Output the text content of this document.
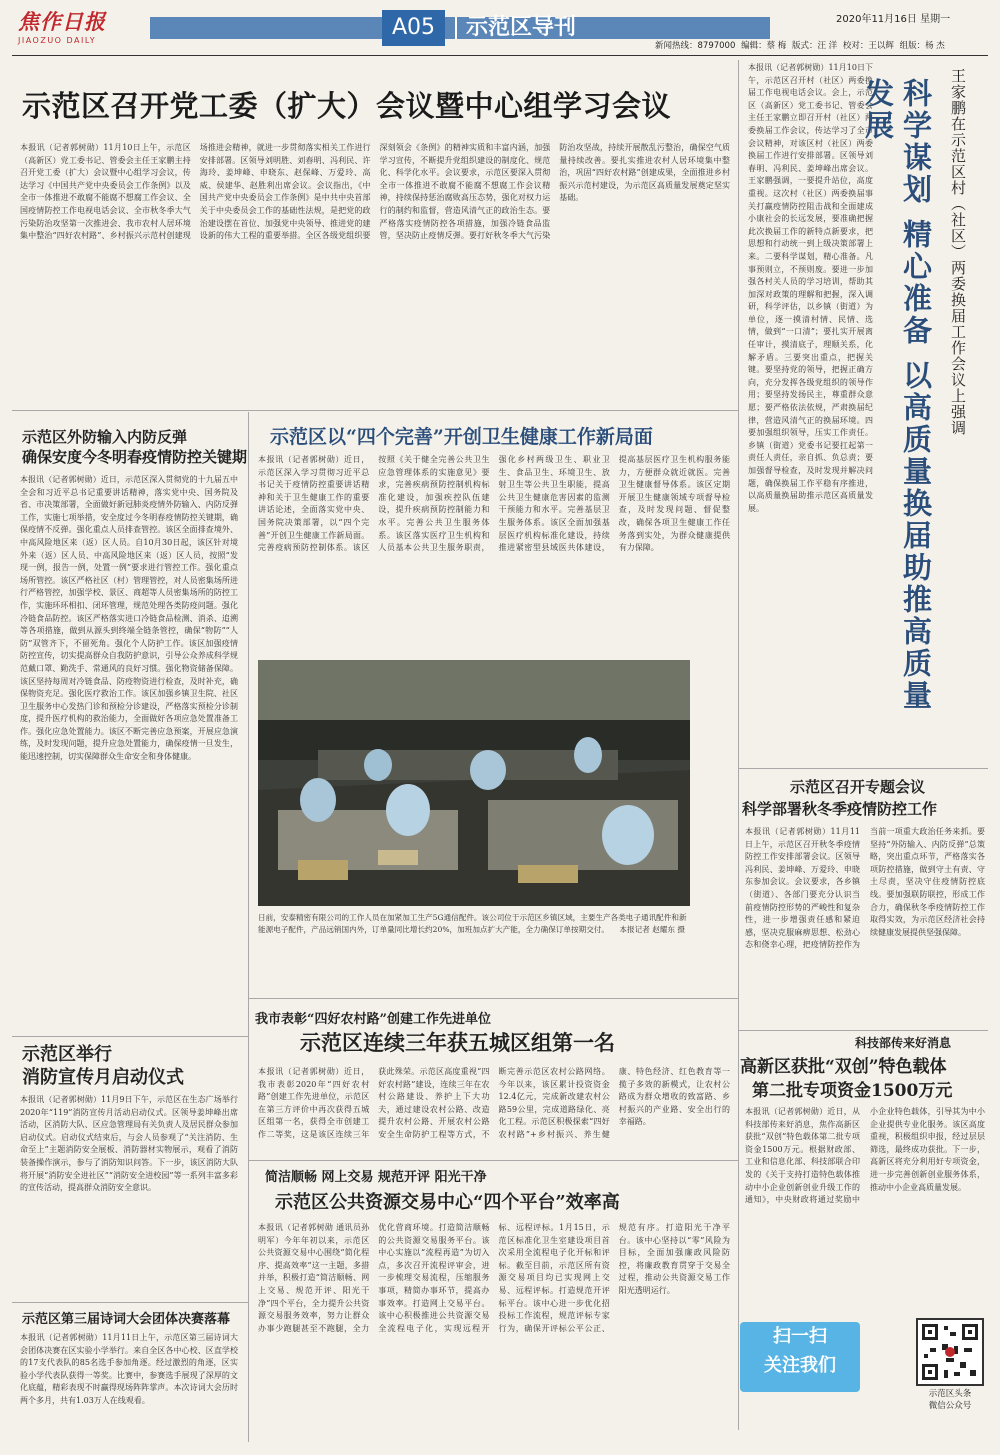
焦作日报
JIAOZUO DAILY
A05	示范区导刊	2020年11月16日 星期一
新闻热线：8797000 编辑：蔡 梅 版式：汪 洋 校对：王以辉 组版：杨 杰
示范区召开党工委（扩大）会议暨中心组学习会议
本报讯（记者郭树勋）11月10日上午，示范区（高新区）党工委书记、管委会主任王家鹏主持召开党工委（扩大）会议暨中心组学习会议，传达学习《中国共产党中央委员会工作条例》以及全市一体推进不敢腐不能腐不想腐工作会议、全国疫情防控工作电视电话会议、全市秋冬季大气污染防治攻坚第一次推进会、我市农村人居环境集中整治“四好农村路”、乡村振兴示范村创建现场推进会精神，就进一步贯彻落实相关工作进行安排部署。区领导刘明胜、刘春明、冯利民、许海玲、姜坤峰、申晓东、赵保峰、万爱玲、高威、侯建华、赵胜利出席会议。会议指出，《中国共产党中央委员会工作条例》是中共中央首部关于中央委员会工作的基础性法规，是把党的政治建设摆在首位、加强党中央领导、推进党的建设新的伟大工程的重要举措。全区各级党组织要深刻领会《条例》的精神实质和丰富内涵，加强学习宣传，不断提升党组织建设的制度化、规范化、科学化水平。会议要求，示范区要深入贯彻全市一体推进不敢腐不能腐不想腐工作会议精神，持续保持惩治腐败高压态势，强化对权力运行的制约和监督，营造风清气正的政治生态。要严格落实疫情防控各项措施，加强冷链食品监管，坚决防止疫情反弹。要打好秋冬季大气污染防治攻坚战，持续开展散乱污整治，确保空气质量持续改善。要扎实推进农村人居环境集中整治，巩固“四好农村路”创建成果，全面推进乡村振兴示范村建设，为示范区高质量发展奠定坚实基础。
本报讯（记者郭树勋）11月10日下午，示范区召开村（社区）两委换届工作电视电话会议。会上，示范区（高新区）党工委书记、管委会主任王家鹏立即召开村（社区）两委换届工作会议，传达学习了全市会议精神，对该区村（社区）两委换届工作进行安排部署。区领导刘春明、冯利民、姜坤峰出席会议。王家鹏强调，一要提升站位，高度重视。这次村（社区）两委换届事关打赢疫情防控阻击战和全面建成小康社会的长远发展，要准确把握此次换届工作的新特点新要求，把思想和行动统一到上级决策部署上来。二要科学谋划，精心准备。凡事预则立，不预则废。要进一步加强各村关人员的学习培训，帮助其加深对政策的理解和把握，深入调研，科学评估，以乡镇（街道）为单位，逐一摸清村情、民情、选情，做到“一口清”；要扎实开展离任审计，摸清底子，理顺关系，化解矛盾。三要突出重点，把握关键。要坚持党的领导，把握正确方向，充分发挥各级党组织的领导作用；要坚持发扬民主，尊重群众意愿；要严格依法依规，严肃换届纪律，营造风清气正的换届环境。四要加强组织领导，压实工作责任。乡镇（街道）党委书记要扛起第一责任人责任，亲自抓、负总责；要加强督导检查，及时发现并解决问题，确保换届工作平稳有序推进，以高质量换届助推示范区高质量发展。	科学谋划 精心准备 以高质量换届助推高质量发展	王家鹏在示范区村（社区）两委换届工作会议上强调
示范区外防输入内防反弹
确保安度今冬明春疫情防控关键期
本报讯（记者郭树勋）近日，示范区深入贯彻党的十九届五中全会和习近平总书记重要讲话精神，落实党中央、国务院及省、市决策部署，全面做好新冠肺炎疫情外防输入、内防反弹工作，实施七项举措，安全度过今冬明春疫情防控关键期，确保疫情不反弹。强化重点人员排查管控。该区全面排查境外、中高风险地区来（返）区人员。自10月30日起，该区针对境外来（返）区人员、中高风险地区来（返）区人员，按照“发现一例，报告一例，处置一例”要求进行管控工作。强化重点场所管控。该区严格社区（村）管理管控，对人员密集场所进行严格管控，加强学校、景区、商超等人员密集场所的防控工作，实施环环相扣、闭环管理，规范处理各类防疫问题。强化冷链食品防控。该区严格落实进口冷链食品检测、消杀、追溯等各项措施，做到从源头到终端全链条管控，确保“物防”“人防”双管齐下，不留死角。强化个人防护工作。该区加强疫情防控宣传，切实提高群众自我防护意识，引导公众养成科学规范戴口罩、勤洗手、常通风的良好习惯。强化物资储备保障。该区坚持每周对冷链食品、防疫物资进行检查，及时补充，确保物资充足。强化医疗救治工作。该区加强乡镇卫生院、社区卫生服务中心发热门诊和预检分诊建设，严格落实预检分诊制度，提升医疗机构的救治能力，全面做好各项应急处置准备工作。强化应急处置能力。该区不断完善应急预案，开展应急演练，及时发现问题，提升应急处置能力，确保疫情一旦发生，能迅速控制，切实保障群众生命安全和身体健康。
示范区以“四个完善”开创卫生健康工作新局面
本报讯（记者郭树勋）近日，示范区深入学习贯彻习近平总书记关于疫情防控重要讲话精神和关于卫生健康工作的重要讲话论述，全面落实党中央、国务院决策部署，以“四个完善”开创卫生健康工作新局面。完善疫病预防控制体系。该区按照《关于健全完善公共卫生应急管理体系的实施意见》要求，完善疾病预防控制机构标准化建设，加强疾控队伍建设，提升疾病预防控制能力和水平。完善公共卫生服务体系。该区落实医疗卫生机构和人员基本公共卫生服务职责，强化乡村两级卫生、职业卫生、食品卫生、环境卫生、放射卫生等公共卫生职能，提高公共卫生健康危害因素的监测干预能力和水平。完善基层卫生服务体系。该区全面加强基层医疗机构标准化建设，持续推进紧密型县域医共体建设，提高基层医疗卫生机构服务能力，方便群众就近就医。完善卫生健康督导体系。该区定期开展卫生健康领域专项督导检查，及时发现问题、督促整改，确保各项卫生健康工作任务落到实处，为群众健康提供有力保障。
日前，安泰精密有限公司的工作人员在加紧加工生产5G通信配件。该公司位于示范区乡镇区域，主要生产各类电子通讯配件和新能源电子配件，产品远销国内外，订单量同比增长约20%，加班加点扩大产能，全力确保订单按期交付。 本报记者 赵耀东 摄
我市表彰“四好农村路”创建工作先进单位
示范区连续三年获五城区组第一名
本报讯（记者郭树勋）近日，我市表彰2020年“四好农村路”创建工作先进单位，示范区在第三方评价中再次获得五城区组第一名，获得全市创建工作二等奖，这是该区连续三年获此殊荣。示范区高度重视“四好农村路”建设，连续三年在农村公路建设、养护上下大功夫，通过建设农村公路、改造提升农村公路、开展农村公路安全生命防护工程等方式，不断完善示范区农村公路网络。今年以来，该区累计投资资金12.4亿元，完成新改建农村公路59公里，完成道路绿化、亮化工程。示范区积极探索“四好农村路”+乡村振兴、养生健康、特色经济、红色教育等一揽子多效的新模式，让农村公路成为群众增收的致富路、乡村振兴的产业路、安全出行的幸福路。
简洁顺畅 网上交易 规范开评 阳光干净
示范区公共资源交易中心“四个平台”效率高
本报讯（记者郭树勋 通讯员孙明军）今年年初以来，示范区公共资源交易中心围绕“简化程序、提高效率”这一主题，多措并举，积极打造“简洁顺畅、网上交易、规范开评、阳光干净”四个平台，全力提升公共资源交易服务效率，努力让群众办事少跑腿甚至不跑腿，全力优化营商环境。打造简洁顺畅的公共资源交易服务平台。该中心实施以“流程再造”为切入点，多次召开流程评审会，进一步梳理交易流程，压缩服务事项，精简办事环节，提高办事效率。打造网上交易平台。该中心积极推进公共资源交易全流程电子化，实现远程开标、远程评标。1月15日，示范区标准化卫生室建设项目首次采用全流程电子化开标和评标。截至目前，示范区所有资源交易项目均已实现网上交易、远程评标。打造规范开评标平台。该中心进一步优化招投标工作流程，规范评标专家行为，确保开评标公平公正、规范有序。打造阳光干净平台。该中心坚持以“零”风险为目标，全面加强廉政风险防控，将廉政教育贯穿于交易全过程，推动公共资源交易工作阳光透明运行。
示范区举行
消防宣传月启动仪式
本报讯（记者郭树勋）11月9日下午，示范区在生态广场举行2020年“119”消防宣传月活动启动仪式。区领导姜坤峰出席活动，区消防大队、区应急管理局有关负责人及居民群众参加启动仪式。启动仪式结束后，与会人员参观了“关注消防、生命至上”主题消防安全展板、消防器材实物展示，观看了消防装备操作演示，参与了消防知识问答。下一步，该区消防大队将开展“消防安全进社区”“消防安全进校园”等一系列丰富多彩的宣传活动，提高群众消防安全意识。
示范区第三届诗词大会团体决赛落幕
本报讯（记者郭树勋）11月11日上午，示范区第三届诗词大会团体决赛在区实验小学举行。来自全区各中心校、区直学校的17支代表队的85名选手参加角逐。经过激烈的角逐，区实验小学代表队获得一等奖。比赛中，参赛选手展现了深厚的文化底蕴，精彩表现不时赢得现场阵阵掌声。本次诗词大会历时两个多月，共有1.03万人在线观看。
示范区召开专题会议
科学部署秋冬季疫情防控工作
本报讯（记者郭树勋）11月11日上午，示范区召开秋冬季疫情防控工作安排部署会议。区领导冯利民、姜坤峰、万爱玲、申晓东参加会议。会议要求，各乡镇（街道）、各部门要充分认识当前疫情防控形势的严峻性和复杂性，进一步增强责任感和紧迫感，坚决克服麻痹思想、松劲心态和侥幸心理，把疫情防控作为当前一项重大政治任务来抓。要坚持“外防输入、内防反弹”总策略，突出重点环节，严格落实各项防控措施，做到守土有责、守土尽责，坚决守住疫情防控底线。要加强联防联控，形成工作合力，确保秋冬季疫情防控工作取得实效，为示范区经济社会持续健康发展提供坚强保障。
科技部传来好消息
高新区获批“双创”特色载体
第二批专项资金1500万元
本报讯（记者郭树勋）近日，从科技部传来好消息，焦作高新区获批“双创”特色载体第二批专项资金1500万元。根据财政部、工业和信息化部、科技部联合印发的《关于支持打造特色载体推动中小企业创新创业升级工作的通知》，中央财政将通过奖励中小企业特色载体，引导其为中小企业提供专业化服务。该区高度重视，积极组织申报，经过层层筛选，最终成功获批。下一步，高新区将充分利用好专项资金，进一步完善创新创业服务体系，推动中小企业高质量发展。
扫一扫
关注我们
示范区头条
微信公众号
